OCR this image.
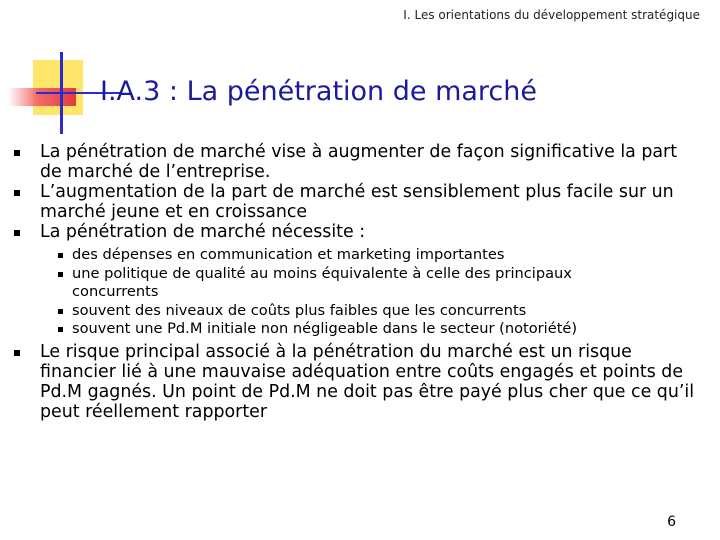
I. Les orientations du développement stratégique
I.A.3 : La pénétration de marché
La pénétration de marché vise à augmenter de façon significative la part de marché de l’entreprise.
L’augmentation de la part de marché est sensiblement plus facile sur un marché jeune et en croissance
La pénétration de marché nécessite :
des dépenses en communication et marketing importantes
une politique de qualité au moins équivalente à celle des principaux concurrents
souvent des niveaux de coûts plus faibles que les concurrents
souvent une Pd.M initiale non négligeable dans le secteur (notoriété)
Le risque principal associé à la pénétration du marché est un risque financier lié à une mauvaise adéquation entre coûts engagés et points de Pd.M gagnés. Un point de Pd.M ne doit pas être payé plus cher que ce qu’il peut réellement rapporter
6
